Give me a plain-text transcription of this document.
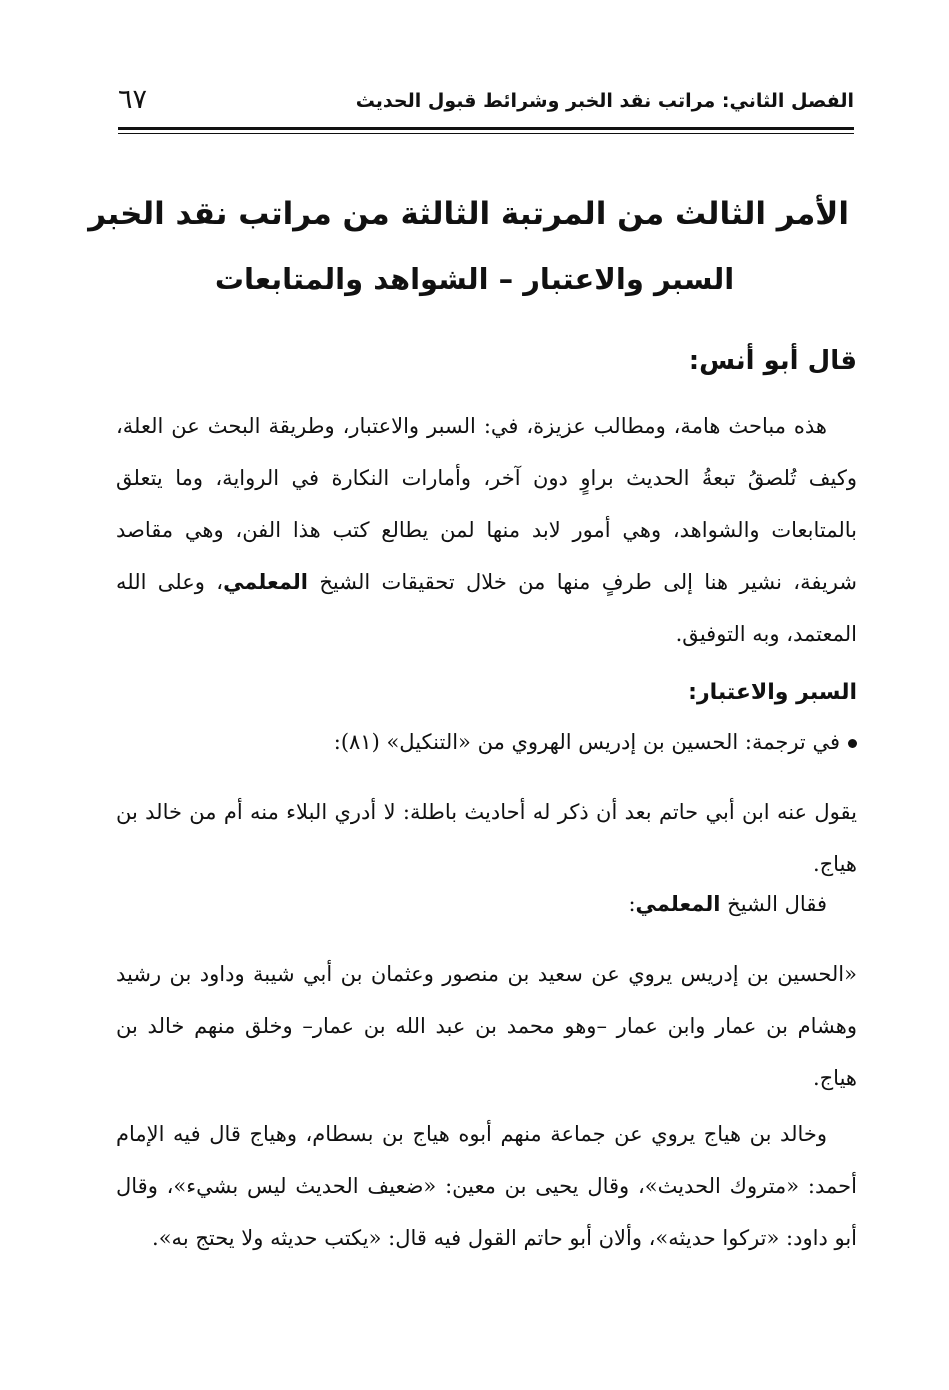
الفصل الثاني: مراتب نقد الخبر وشرائط قبول الحديث
٦٧
الأمر الثالث من المرتبة الثالثة من مراتب نقد الخبر
السبر والاعتبار – الشواهد والمتابعات
قال أبو أنس:

هذه مباحث هامة، ومطالب عزيزة، في: السبر والاعتبار، وطريقة البحث عن العلة، وكيف تُلصقُ تبعةُ الحديث براوٍ دون آخر، وأمارات النكارة في الرواية، وما يتعلق بالمتابعات والشواهد، وهي أمور لابد منها لمن يطالع كتب هذا الفن، وهي مقاصد شريفة، نشير هنا إلى طرفٍ منها من خلال تحقيقات الشيخ المعلمي، وعلى الله المعتمد، وبه التوفيق.

السبر والاعتبار:

في ترجمة: الحسين بن إدريس الهروي من «التنكيل» (٨١):

يقول عنه ابن أبي حاتم بعد أن ذكر له أحاديث باطلة: لا أدري البلاء منه أم من خالد بن هياج.

فقال الشيخ المعلمي:

«الحسين بن إدريس يروي عن سعيد بن منصور وعثمان بن أبي شيبة وداود بن رشيد وهشام بن عمار وابن عمار –وهو محمد بن عبد الله بن عمار– وخلق منهم خالد بن هياج.

وخالد بن هياج يروي عن جماعة منهم أبوه هياج بن بسطام، وهياج قال فيه الإمام أحمد: «متروك الحديث»، وقال يحيى بن معين: «ضعيف الحديث ليس بشيء»، وقال أبو داود: «تركوا حديثه»، وألان أبو حاتم القول فيه قال: «يكتب حديثه ولا يحتج به».
